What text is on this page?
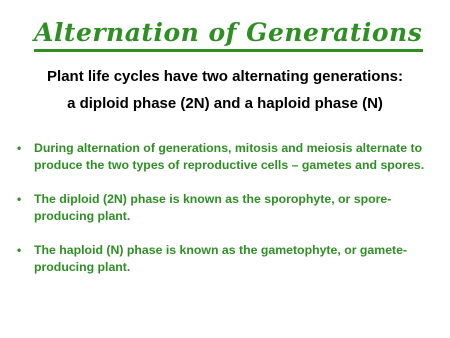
Alternation of Generations
Plant life cycles have two alternating generations:
a diploid phase (2N) and a haploid phase (N)
• During alternation of generations, mitosis and meiosis alternate to produce the two types of reproductive cells – gametes and spores.
• The diploid (2N) phase is known as the sporophyte, or spore-producing plant.
• The haploid (N) phase is known as the gametophyte, or gamete-producing plant.
